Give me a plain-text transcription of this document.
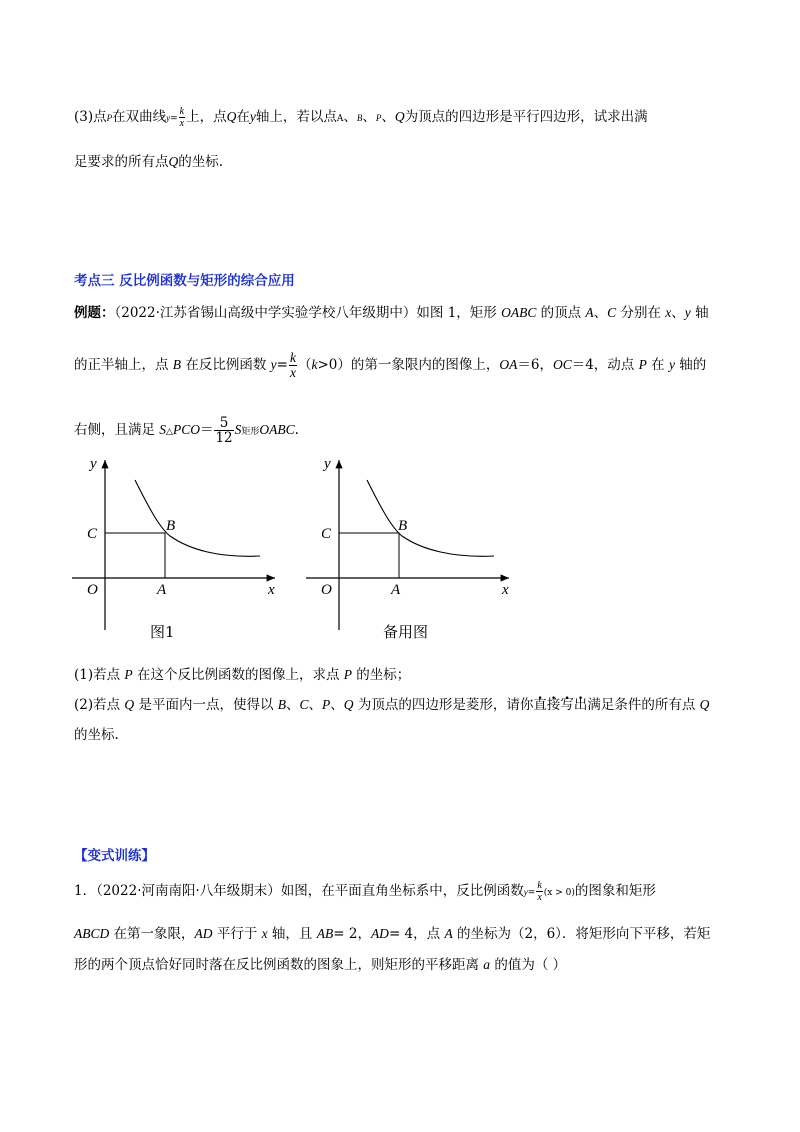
(3)点P在双曲线$y= \frac{k}{x}$ 上，点Q在y轴上，若以点A、B、P、Q为顶点的四边形是平行四边形，试求出满
足要求的所有点Q的坐标.
考点三 反比例函数与矩形的综合应用
例题：（2022·江苏省锡山高级中学实验学校八年级期中）如图 1，矩形 OABC 的顶点 A、C 分别在 x、y 轴
的正半轴上，点 B 在反比例函数 $y= \frac{k}{x} (k>0)$的第一象限内的图像上，OA＝6，OC＝4，动点 P 在 y 轴的
右侧，且满足 S△PCO＝ $\frac{5}{12}$ S矩形OABC.
y
C	B
O	A	x
图1
y
C	B
O	A	x
备用图
(1)若点 P 在这个反比例函数的图像上，求点 P 的坐标；
(2)若点 Q 是平面内一点，使得以 B、C、P、Q 为顶点的四边形是菱形，请你直接写出满足条件的所有点 Q
的坐标.
【变式训练】
1．（2022·河南南阳·八年级期末）如图，在平面直角坐标系中，反比例函数$y= \frac{k}{x} (x > 0)$的图象和矩形
ABCD 在第一象限，AD 平行于 x 轴，且 AB= 2，AD= 4，点 A 的坐标为（2，6）．将矩形向下平移，若矩
形的两个顶点恰好同时落在反比例函数的图象上，则矩形的平移距离 a 的值为（ ）
